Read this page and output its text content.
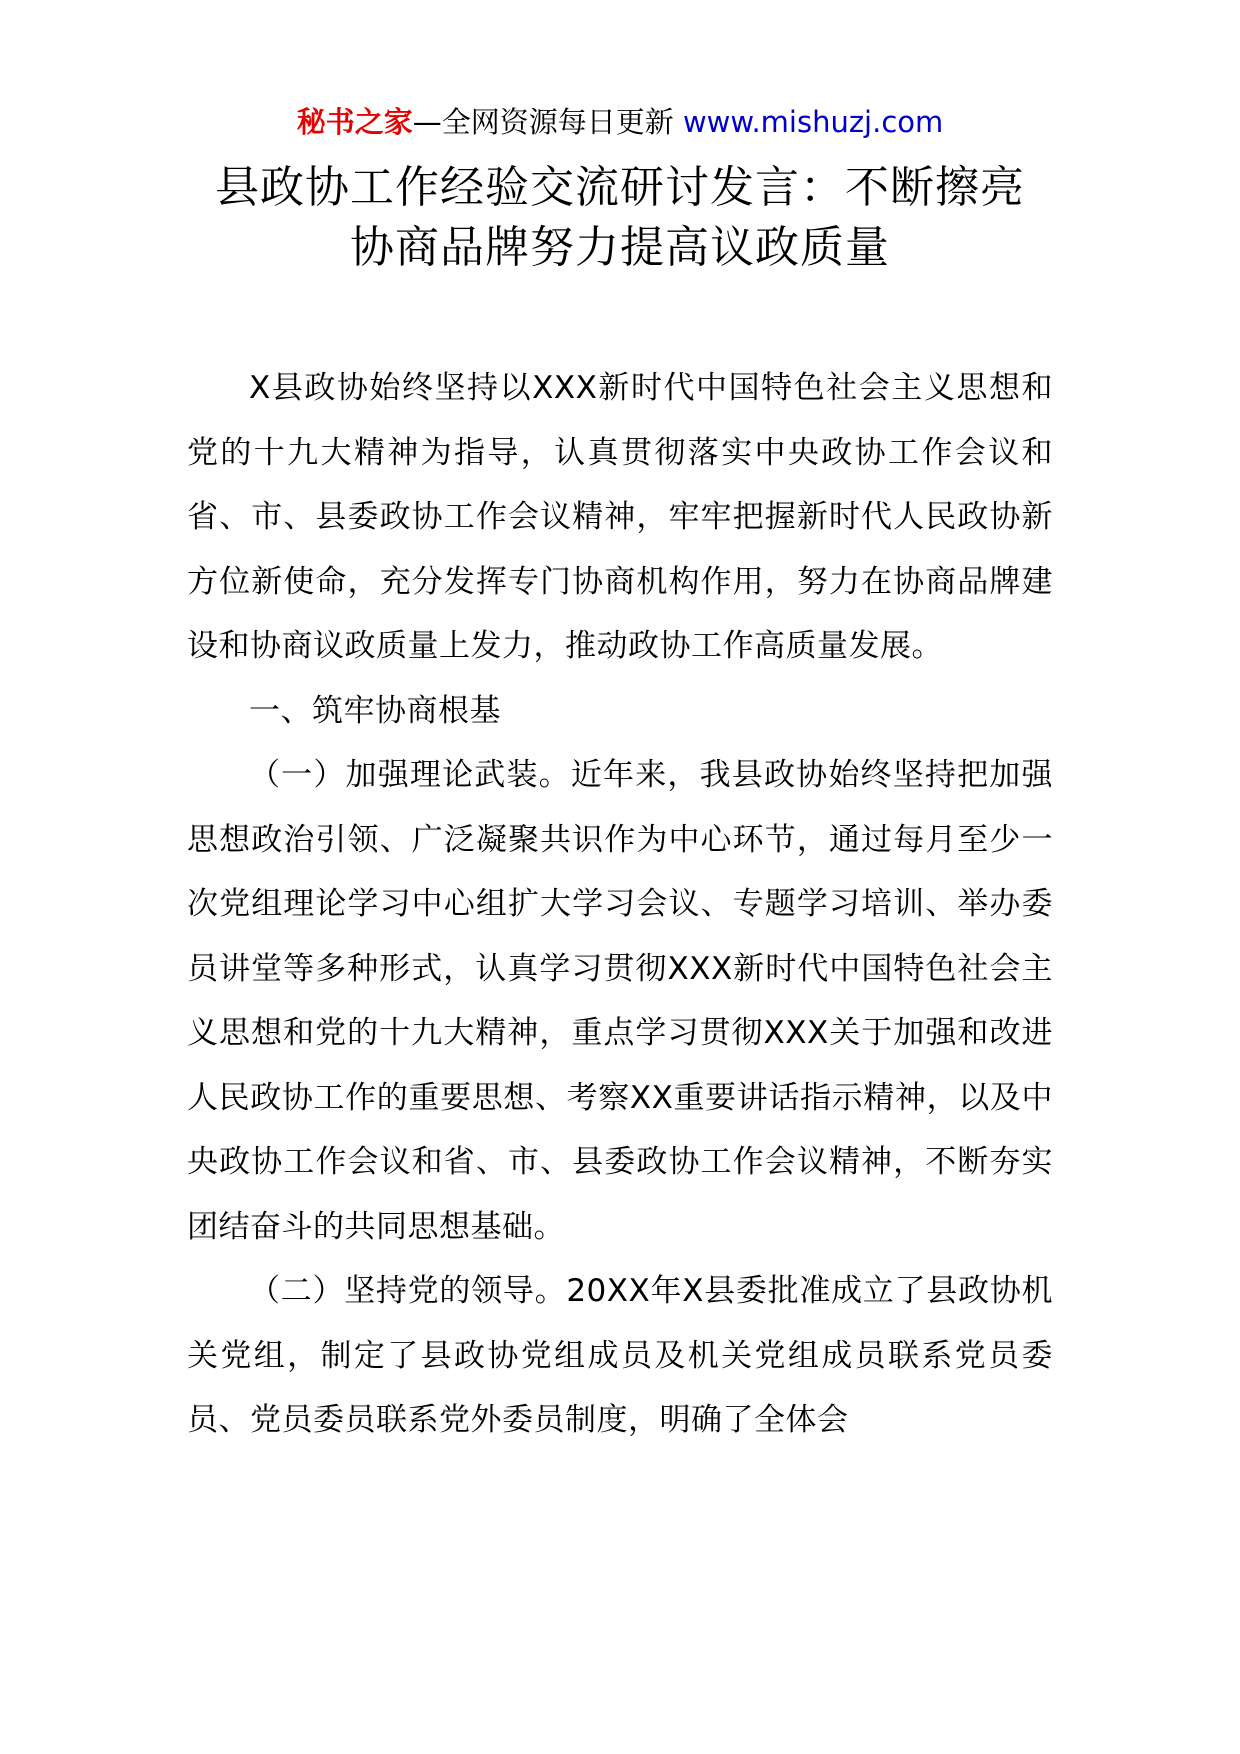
秘书之家—全网资源每日更新 www.mishuzj.com
县政协工作经验交流研讨发言：不断擦亮
协商品牌努力提高议政质量

X县政协始终坚持以XXX新时代中国特色社会主义思想和党的十九大精神为指导，认真贯彻落实中央政协工作会议和省、市、县委政协工作会议精神，牢牢把握新时代人民政协新方位新使命，充分发挥专门协商机构作用，努力在协商品牌建设和协商议政质量上发力，推动政协工作高质量发展。

一、筑牢协商根基

（一）加强理论武装。近年来，我县政协始终坚持把加强思想政治引领、广泛凝聚共识作为中心环节，通过每月至少一次党组理论学习中心组扩大学习会议、专题学习培训、举办委员讲堂等多种形式，认真学习贯彻XXX新时代中国特色社会主义思想和党的十九大精神，重点学习贯彻XXX关于加强和改进人民政协工作的重要思想、考察XX重要讲话指示精神，以及中央政协工作会议和省、市、县委政协工作会议精神，不断夯实团结奋斗的共同思想基础。

（二）坚持党的领导。20XX年X县委批准成立了县政协机关党组，制定了县政协党组成员及机关党组成员联系党员委员、党员委员联系党外委员制度，明确了全体会
